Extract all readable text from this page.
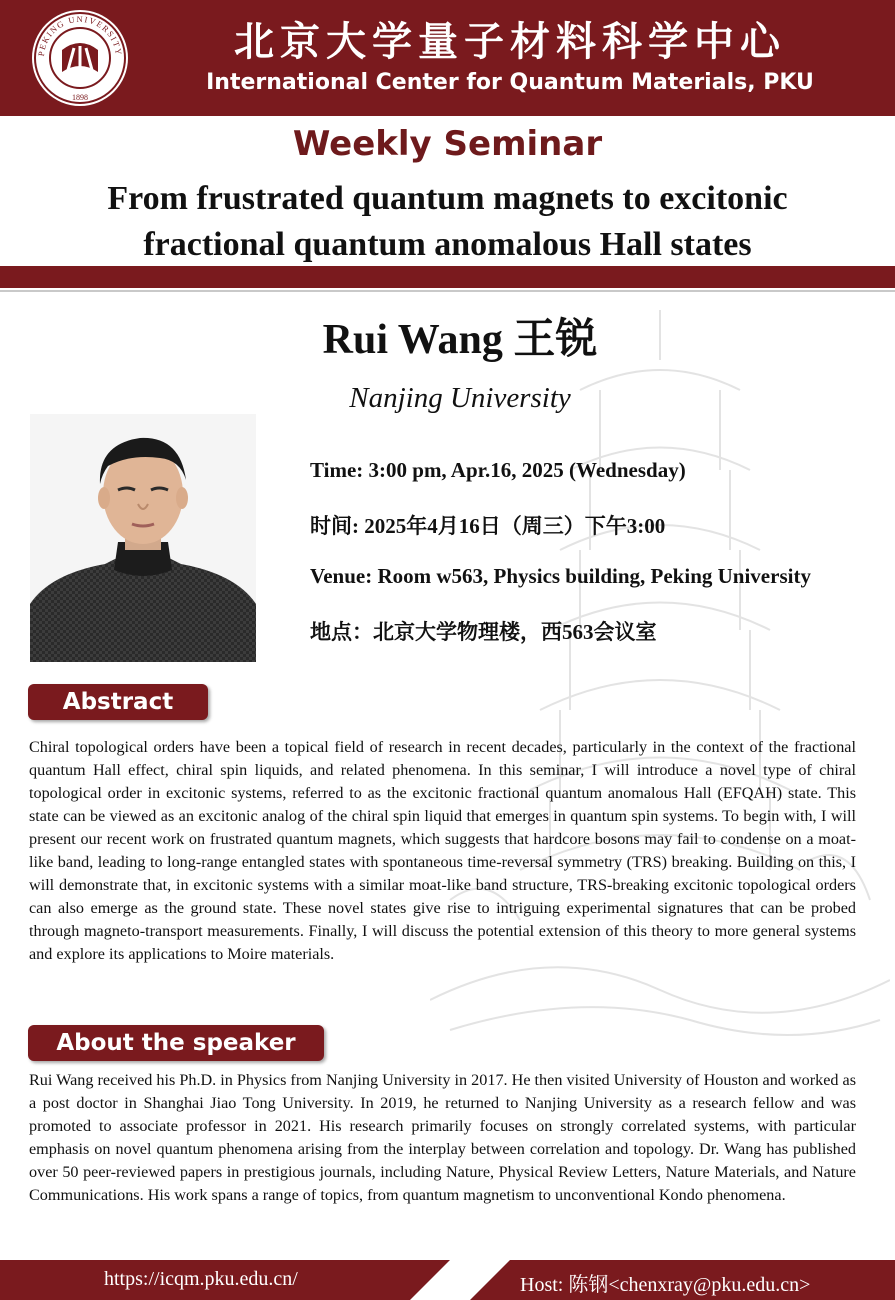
PEKING UNIVERSITY
1898
北京大学量子材料科学中心
International Center for Quantum Materials, PKU
Weekly Seminar
From frustrated quantum magnets to excitonic
fractional quantum anomalous Hall states
Rui Wang 王锐
Nanjing University
Time: 3:00 pm, Apr.16, 2025 (Wednesday)
时间: 2025年4月16日（周三）下午3:00
Venue: Room w563, Physics building, Peking University
地点：北京大学物理楼，西563会议室
Abstract
Chiral topological orders have been a topical field of research in recent decades, particularly in the context of the fractional quantum Hall effect, chiral spin liquids, and related phenomena. In this seminar, I will introduce a novel type of chiral topological order in excitonic systems, referred to as the excitonic fractional quantum anomalous Hall (EFQAH) state. This state can be viewed as an excitonic analog of the chiral spin liquid that emerges in quantum spin systems. To begin with, I will present our recent work on frustrated quantum magnets, which suggests that hardcore bosons may fail to condense on a moat-like band, leading to long-range entangled states with spontaneous time-reversal symmetry (TRS) breaking. Building on this, I will demonstrate that, in excitonic systems with a similar moat-like band structure, TRS-breaking excitonic topological orders can also emerge as the ground state. These novel states give rise to intriguing experimental signatures that can be probed through magneto-transport measurements. Finally, I will discuss the potential extension of this theory to more general systems and explore its applications to Moire materials.
About the speaker
Rui Wang received his Ph.D. in Physics from Nanjing University in 2017. He then visited University of Houston and worked as a post doctor in Shanghai Jiao Tong University. In 2019, he returned to Nanjing University as a research fellow and was promoted to associate professor in 2021. His research primarily focuses on strongly correlated systems, with particular emphasis on novel quantum phenomena arising from the interplay between correlation and topology. Dr. Wang has published over 50 peer-reviewed papers in prestigious journals, including Nature, Physical Review Letters, Nature Materials, and Nature Communications. His work spans a range of topics, from quantum magnetism to unconventional Kondo phenomena.
https://icqm.pku.edu.cn/	Host: 陈钢<chenxray@pku.edu.cn>
